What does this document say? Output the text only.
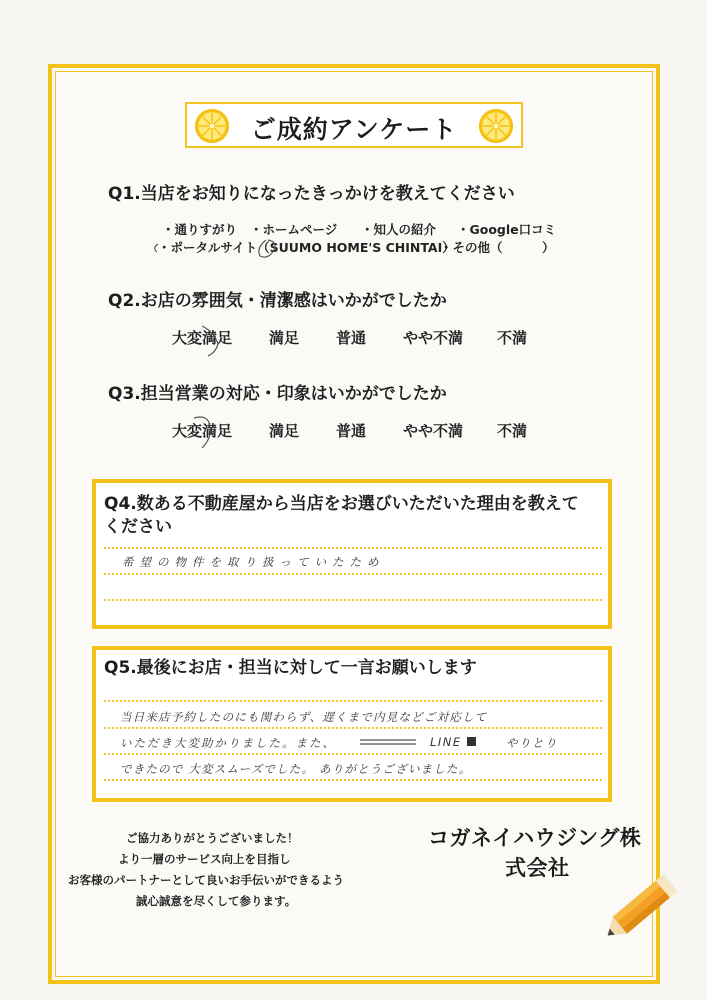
ご成約アンケート
Q1.当店をお知りになったきっかけを教えてください
・通りすがり ・ホームページ ・知人の紹介 ・Google口コミ
・ポータルサイト（SUUMO HOME'S CHINTAI）
・その他（	）
Q2.お店の雰囲気・清潔感はいかがでしたか
大変満足 満足 普通 やや不満 不満
Q3.担当営業の対応・印象はいかがでしたか
大変満足 満足 普通 やや不満 不満
Q4.数ある不動産屋から当店をお選びいただいた理由を教えて
ください
希望の物件を取り扱っていたため
Q5.最後にお店・担当に対して一言お願いします
当日来店予約したのにも関わらず、遅くまで内見などご対応して
いただき大変助かりました。また、	LINE	やりとり
できたので 大変スムーズでした。 ありがとうございました。
ご協力ありがとうございました！
より一層のサービス向上を目指し
お客様のパートナーとして良いお手伝いができるよう
誠心誠意を尽くして参ります。
コガネイハウジング株
式会社
